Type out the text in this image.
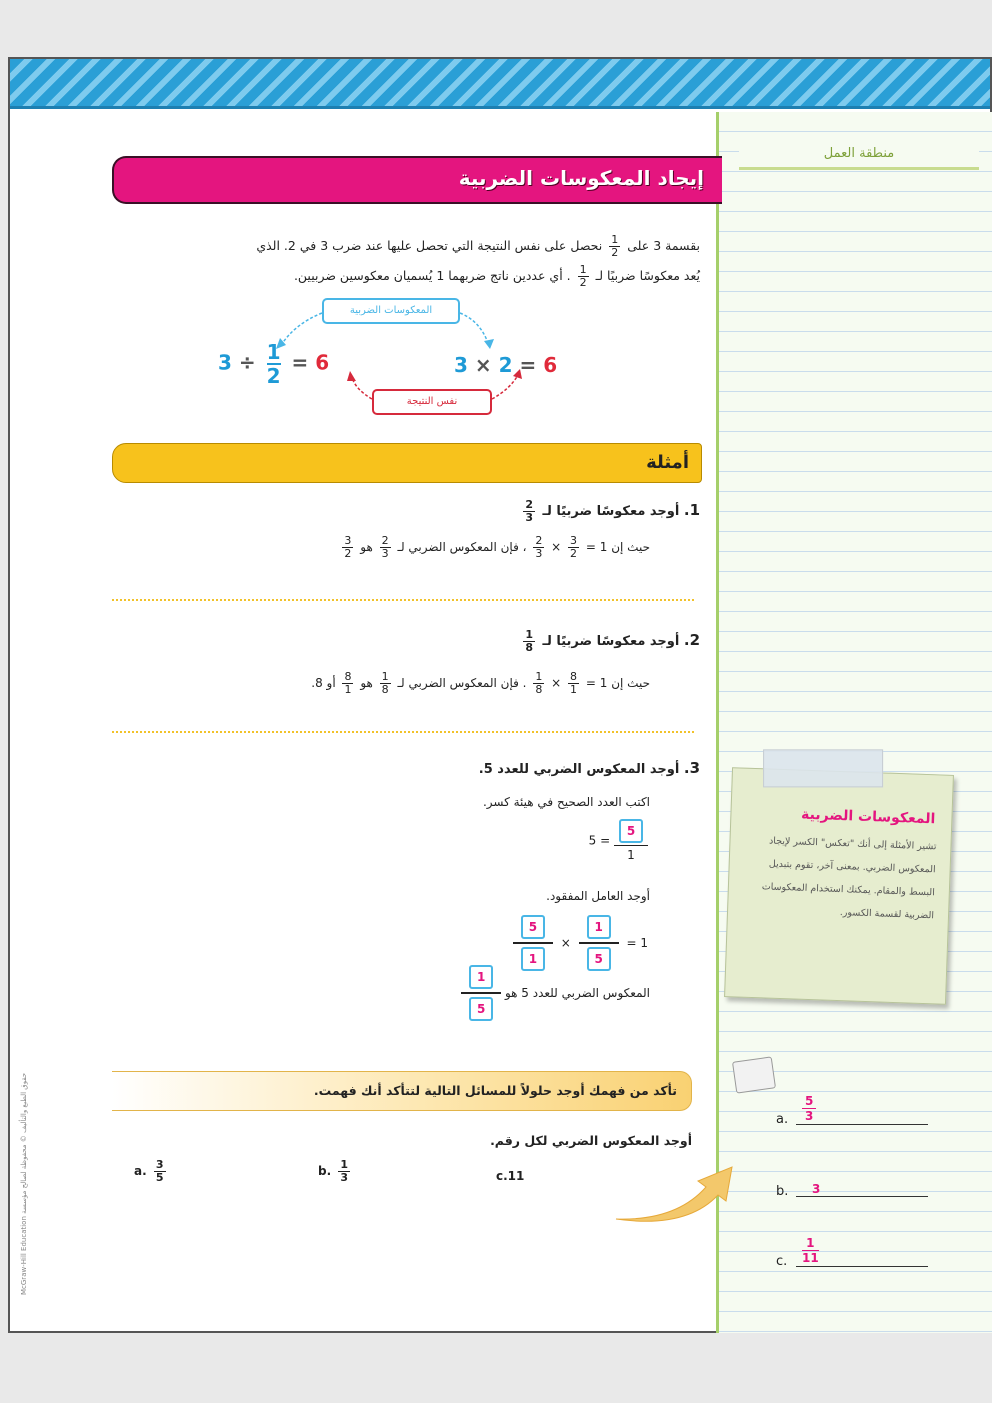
منطقة العمل
إيجاد المعكوسات الضربية
بقسمة 3 على
$\frac{1}{2}$
نحصل على نفس النتيجة التي تحصل عليها عند ضرب 3 في 2. الذي
يُعد معكوسًا ضربيًا لـ
$\frac{1}{2}$
. أي عددين ناتج ضربهما 1 يُسميان معكوسين ضربيين.
المعكوسات الضربية
نفس النتيجة
$3 \div \frac{1}{2} = 6$	3 × 2 = 6
أمثلة
1. أوجد معكوسًا ضربيًا لـ
$\frac{2}{3}$
حيث إن 1 =
$\frac{3}{2}$
×
$\frac{2}{3}$
، فإن المعكوس الضربي لـ
$\frac{2}{3}$
هو
$\frac{3}{2}$
2. أوجد معكوسًا ضربيًا لـ
$\frac{1}{8}$
حيث إن 1 =
$\frac{8}{1}$
×
$\frac{1}{8}$
. فإن المعكوس الضربي لـ
$\frac{1}{8}$
هو
$\frac{8}{1}$
أو 8.
3. أوجد المعكوس الضربي للعدد 5.
اكتب العدد الصحيح في هيئة كسر.
$5 = \frac{5}{1}$
أوجد العامل المفقود.
$\frac{5}{1} \times \frac{1}{5} = 1$
المعكوس الضربي للعدد 5 هو $\frac{1}{5}$
المعكوسات الضربية
تشير الأمثلة إلى أنك "تعكس" الكسر لإيجاد المعكوس الضربي. بمعنى آخر، تقوم بتبديل البسط والمقام. يمكنك استخدام المعكوسات الضربية لقسمة الكسور.
تأكد من فهمك أوجد حلولاً للمسائل التالية لتتأكد أنك فهمت.
أوجد المعكوس الضربي لكل رقم.
a. $\frac{3}{5}$	b. $\frac{1}{3}$	c.11
a.
5
3
b. 3
c.
1
11
McGraw-Hill Education حقوق الطبع والتأليف © محفوظة لصالح مؤسسة
